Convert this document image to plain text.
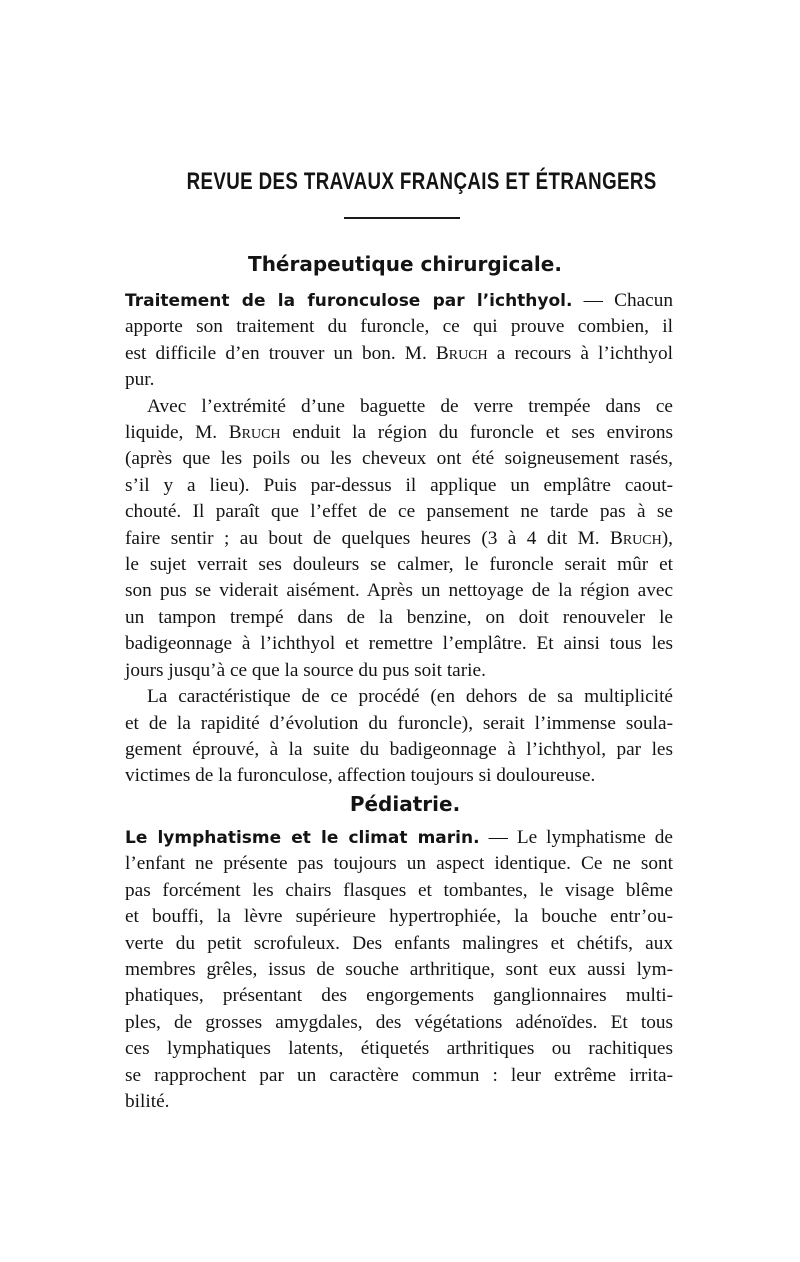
REVUE DES TRAVAUX FRANÇAIS ET ÉTRANGERS
Thérapeutique chirurgicale.
Traitement de la furonculose par l’ichthyol. — Chacun
apporte son traitement du furoncle, ce qui prouve combien, il
est difficile d’en trouver un bon. M. Bruch a recours à l’ichthyol
pur.
Avec l’extrémité d’une baguette de verre trempée dans ce
liquide, M. Bruch enduit la région du furoncle et ses environs
(après que les poils ou les cheveux ont été soigneusement rasés,
s’il y a lieu). Puis par-dessus il applique un emplâtre caout-
chouté. Il paraît que l’effet de ce pansement ne tarde pas à se
faire sentir ; au bout de quelques heures (3 à 4 dit M. Bruch),
le sujet verrait ses douleurs se calmer, le furoncle serait mûr et
son pus se viderait aisément. Après un nettoyage de la région avec
un tampon trempé dans de la benzine, on doit renouveler le
badigeonnage à l’ichthyol et remettre l’emplâtre. Et ainsi tous les
jours jusqu’à ce que la source du pus soit tarie.
La caractéristique de ce procédé (en dehors de sa multiplicité
et de la rapidité d’évolution du furoncle), serait l’immense soula-
gement éprouvé, à la suite du badigeonnage à l’ichthyol, par les
victimes de la furonculose, affection toujours si douloureuse.
Pédiatrie.
Le lymphatisme et le climat marin. — Le lymphatisme de
l’enfant ne présente pas toujours un aspect identique. Ce ne sont
pas forcément les chairs flasques et tombantes, le visage blême
et bouffi, la lèvre supérieure hypertrophiée, la bouche entr’ou-
verte du petit scrofuleux. Des enfants malingres et chétifs, aux
membres grêles, issus de souche arthritique, sont eux aussi lym-
phatiques, présentant des engorgements ganglionnaires multi-
ples, de grosses amygdales, des végétations adénoïdes. Et tous
ces lymphatiques latents, étiquetés arthritiques ou rachitiques
se rapprochent par un caractère commun : leur extrême irrita-
bilité.
